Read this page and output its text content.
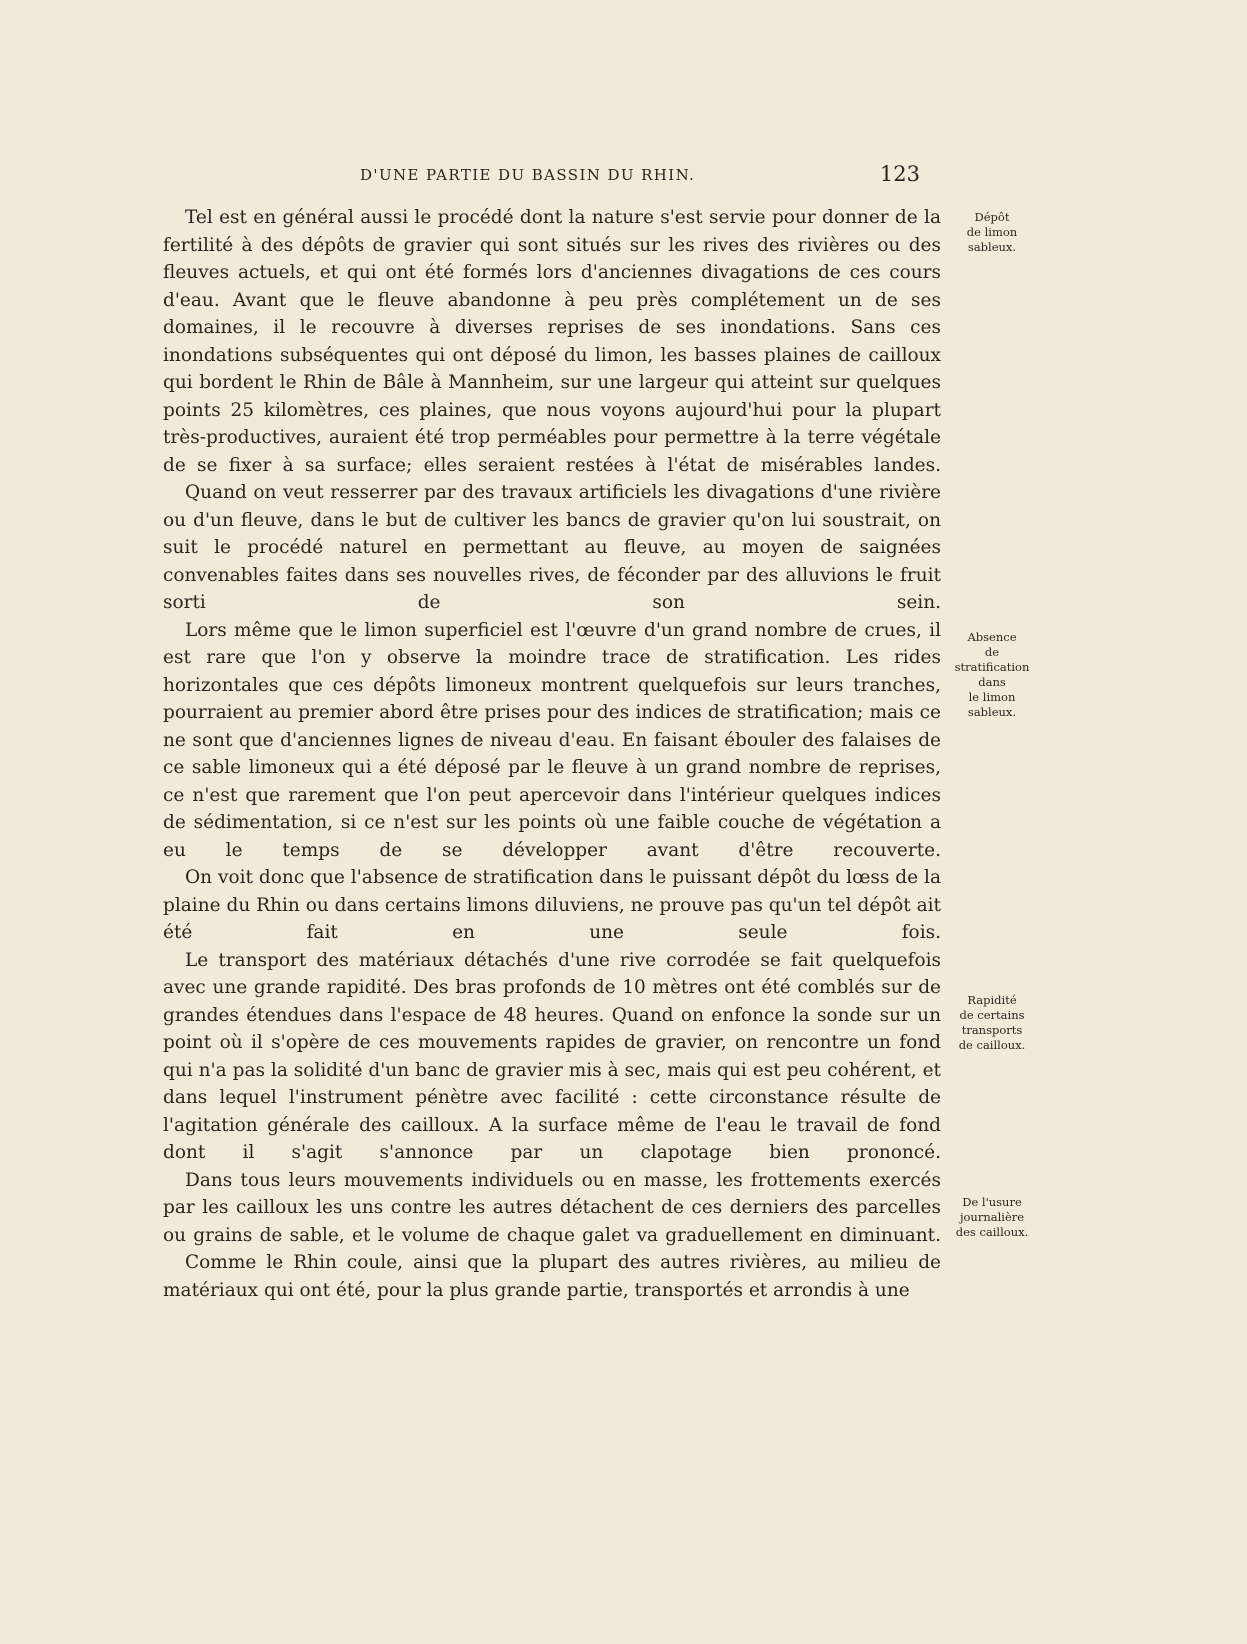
D'UNE PARTIE DU BASSIN DU RHIN.	123

Tel est en général aussi le procédé dont la nature s'est servie pour donner de la fertilité à des dépôts de gravier qui sont situés sur les rives des rivières ou des fleuves actuels, et qui ont été formés lors d'anciennes divagations de ces cours d'eau. Avant que le fleuve abandonne à peu près complétement un de ses domaines, il le recouvre à diverses reprises de ses inondations. Sans ces inondations subséquentes qui ont déposé du limon, les basses plaines de cailloux qui bordent le Rhin de Bâle à Mannheim, sur une largeur qui atteint sur quelques points 25 kilomètres, ces plaines, que nous voyons aujourd'hui pour la plupart très-productives, auraient été trop perméables pour permettre à la terre végétale de se fixer à sa surface; elles seraient restées à l'état de misérables landes.

Quand on veut resserrer par des travaux artificiels les divagations d'une rivière ou d'un fleuve, dans le but de cultiver les bancs de gravier qu'on lui soustrait, on suit le procédé naturel en permettant au fleuve, au moyen de saignées convenables faites dans ses nouvelles rives, de féconder par des alluvions le fruit sorti de son sein.

Lors même que le limon superficiel est l'œuvre d'un grand nombre de crues, il est rare que l'on y observe la moindre trace de stratification. Les rides horizontales que ces dépôts limoneux montrent quelquefois sur leurs tranches, pourraient au premier abord être prises pour des indices de stratification; mais ce ne sont que d'anciennes lignes de niveau d'eau. En faisant ébouler des falaises de ce sable limoneux qui a été déposé par le fleuve à un grand nombre de reprises, ce n'est que rarement que l'on peut apercevoir dans l'intérieur quelques indices de sédimentation, si ce n'est sur les points où une faible couche de végétation a eu le temps de se développer avant d'être recouverte.

On voit donc que l'absence de stratification dans le puissant dépôt du lœss de la plaine du Rhin ou dans certains limons diluviens, ne prouve pas qu'un tel dépôt ait été fait en une seule fois.

Le transport des matériaux détachés d'une rive corrodée se fait quelquefois avec une grande rapidité. Des bras profonds de 10 mètres ont été comblés sur de grandes étendues dans l'espace de 48 heures. Quand on enfonce la sonde sur un point où il s'opère de ces mouvements rapides de gravier, on rencontre un fond qui n'a pas la solidité d'un banc de gravier mis à sec, mais qui est peu cohérent, et dans lequel l'instrument pénètre avec facilité : cette circonstance résulte de l'agitation générale des cailloux. A la surface même de l'eau le travail de fond dont il s'agit s'annonce par un clapotage bien prononcé.

Dans tous leurs mouvements individuels ou en masse, les frottements exercés par les cailloux les uns contre les autres détachent de ces derniers des parcelles ou grains de sable, et le volume de chaque galet va graduellement en diminuant.

Comme le Rhin coule, ainsi que la plupart des autres rivières, au milieu de matériaux qui ont été, pour la plus grande partie, transportés et arrondis à une

Dépôt
de limon
sableux.
Absence
de
stratification
dans
le limon
sableux.
Rapidité
de certains
transports
de cailloux.
De l'usure
journalière
des cailloux.
